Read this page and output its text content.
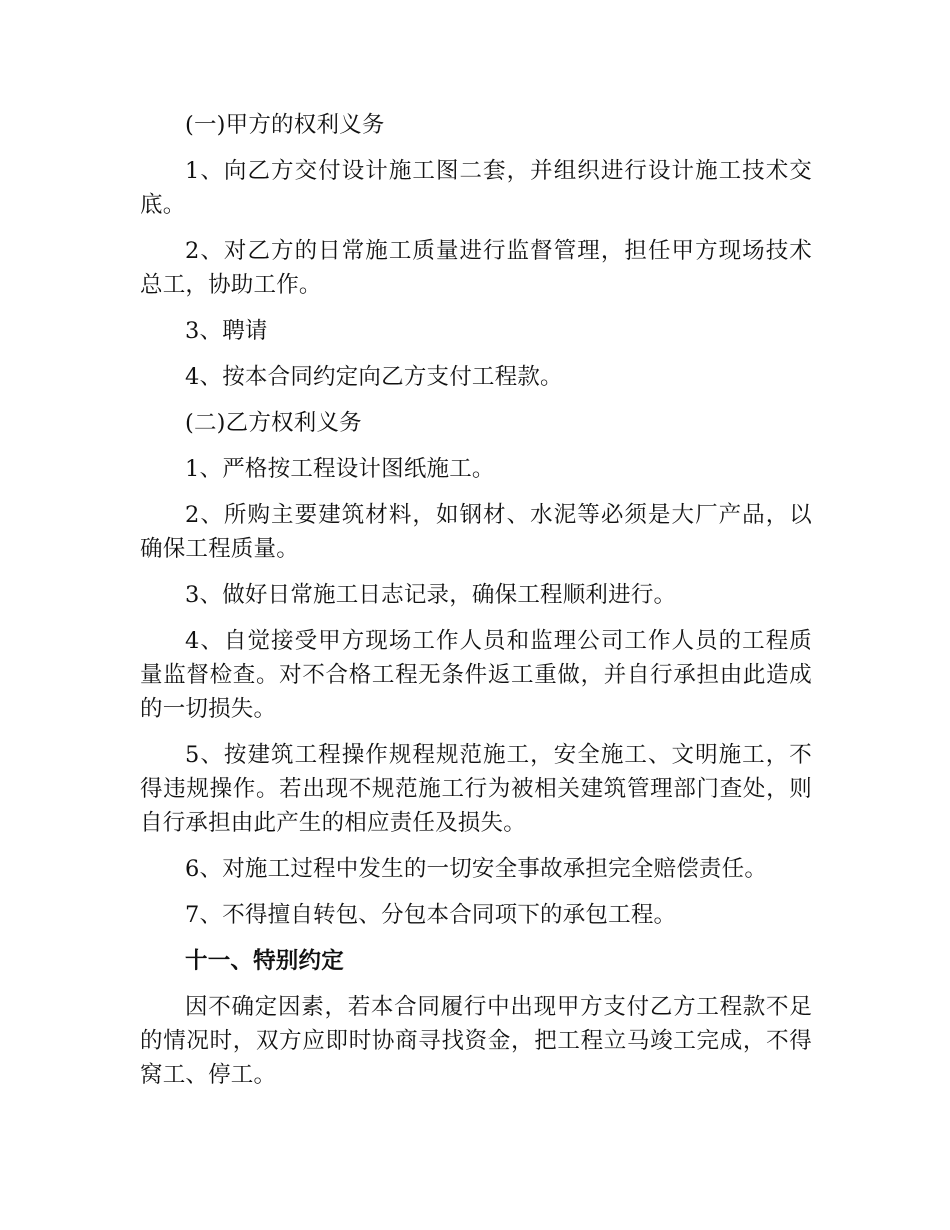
(一)甲方的权利义务

1、向乙方交付设计施工图二套，并组织进行设计施工技术交底。

2、对乙方的日常施工质量进行监督管理，担任甲方现场技术总工，协助工作。

3、聘请

4、按本合同约定向乙方支付工程款。

(二)乙方权利义务

1、严格按工程设计图纸施工。

2、所购主要建筑材料，如钢材、水泥等必须是大厂产品，以确保工程质量。

3、做好日常施工日志记录，确保工程顺利进行。

4、自觉接受甲方现场工作人员和监理公司工作人员的工程质量监督检查。对不合格工程无条件返工重做，并自行承担由此造成的一切损失。

5、按建筑工程操作规程规范施工，安全施工、文明施工，不得违规操作。若出现不规范施工行为被相关建筑管理部门查处，则自行承担由此产生的相应责任及损失。

6、对施工过程中发生的一切安全事故承担完全赔偿责任。

7、不得擅自转包、分包本合同项下的承包工程。

十一、特别约定

因不确定因素，若本合同履行中出现甲方支付乙方工程款不足的情况时，双方应即时协商寻找资金，把工程立马竣工完成，不得窝工、停工。
